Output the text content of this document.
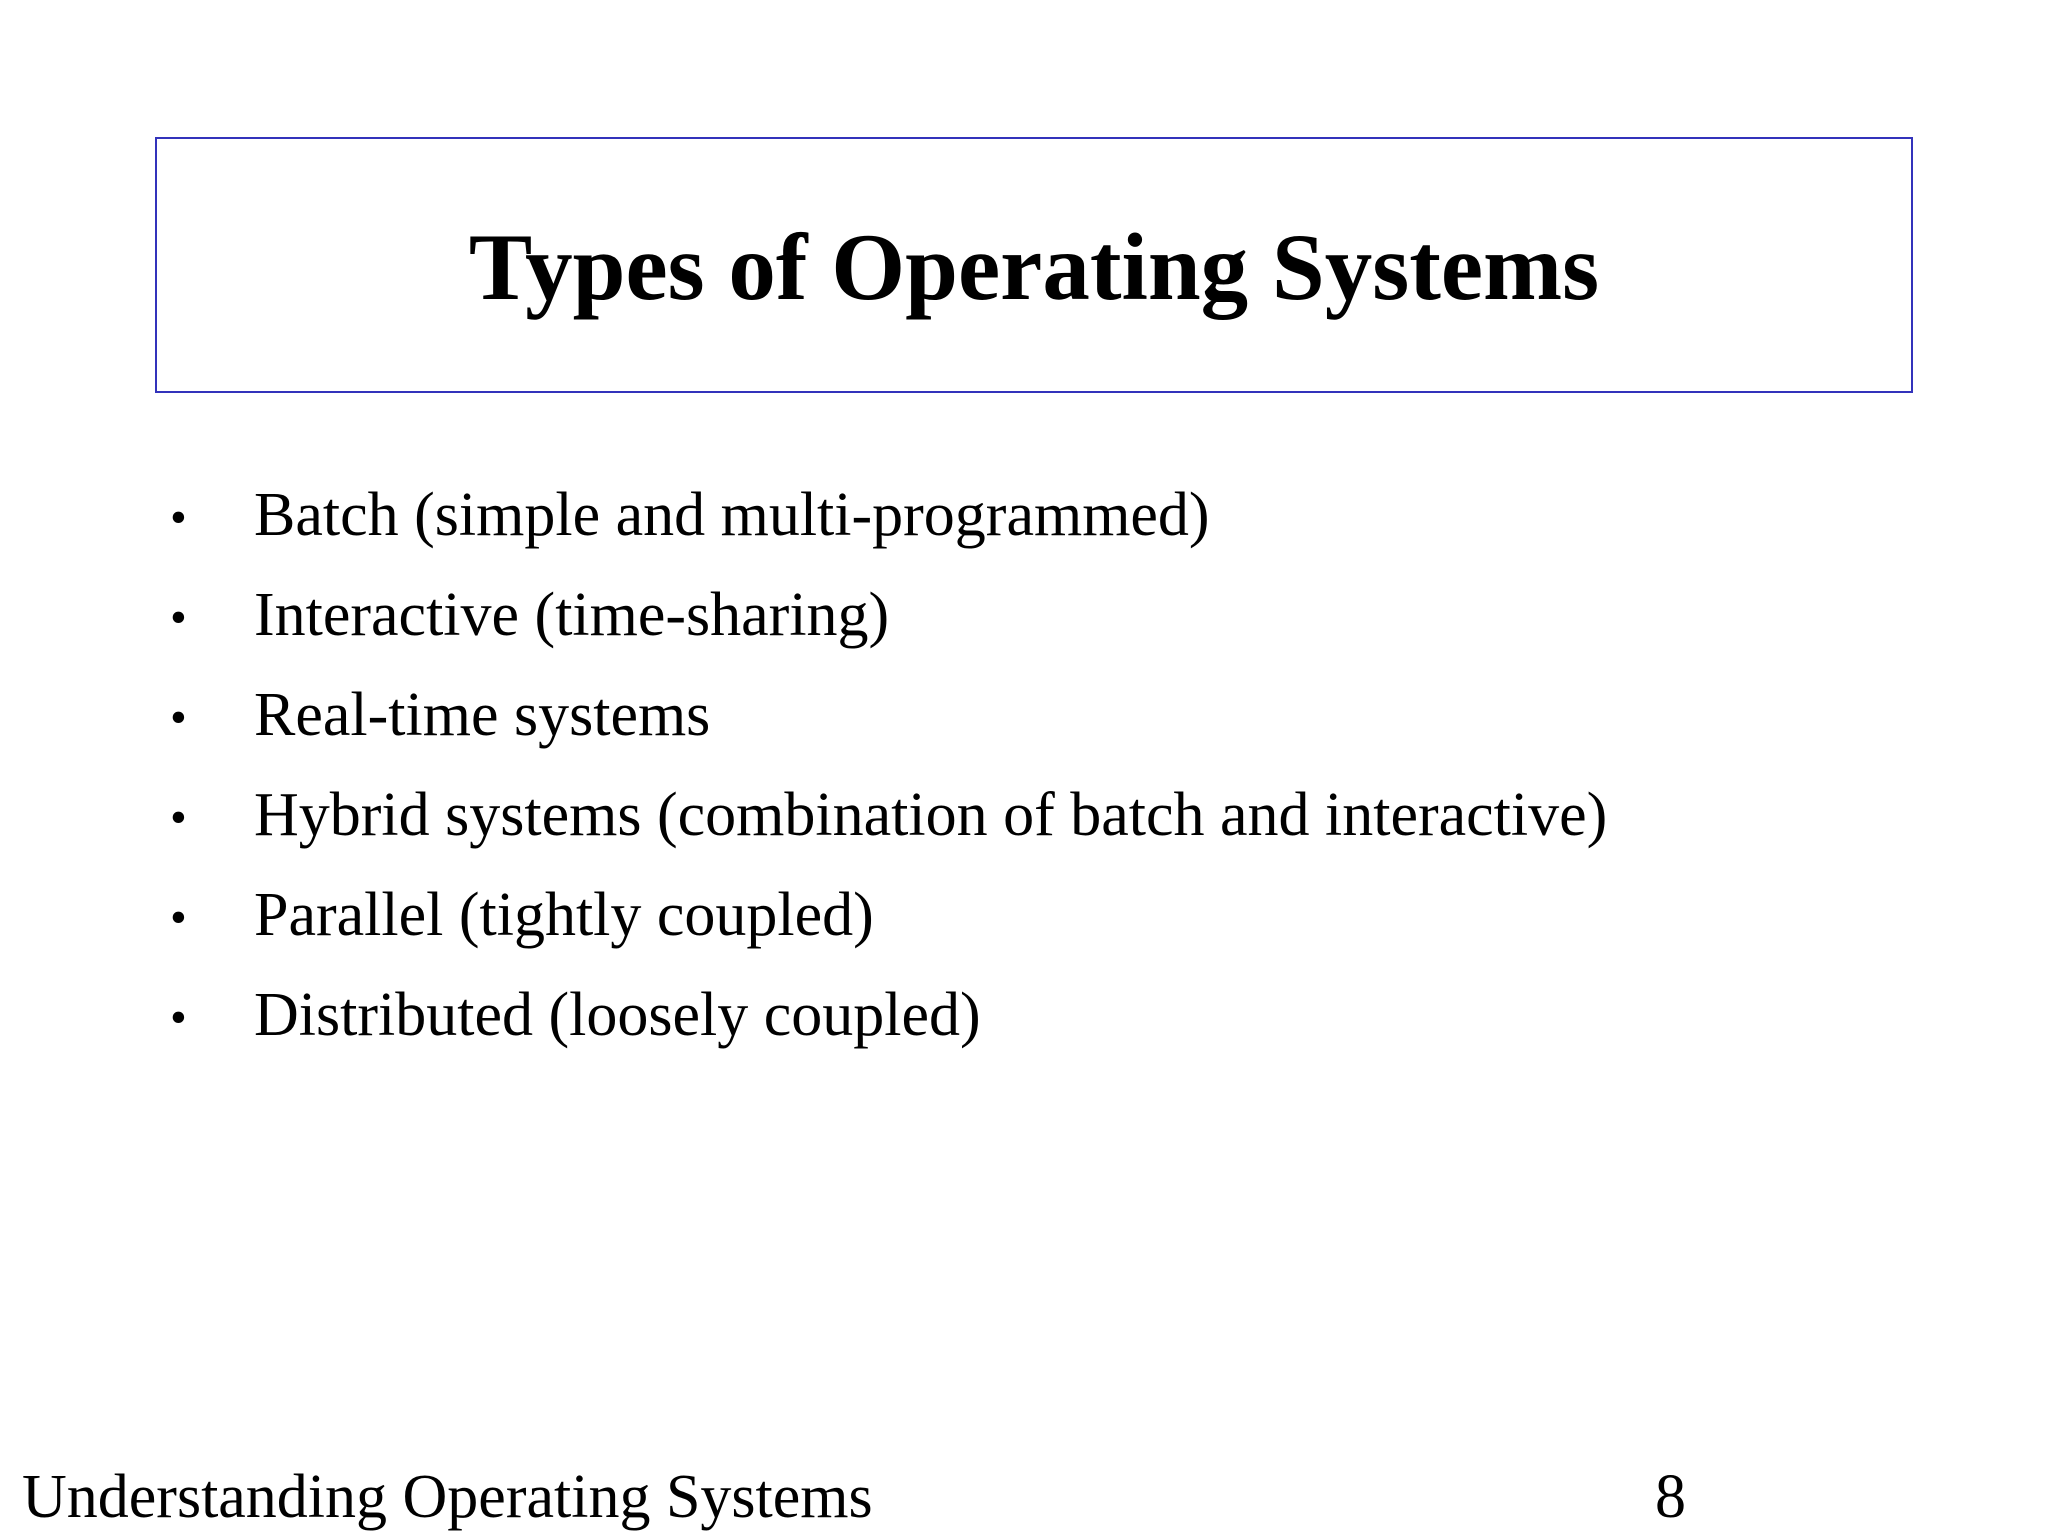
Types of Operating Systems
• Batch (simple and multi-programmed)
• Interactive (time-sharing)
• Real-time systems
• Hybrid systems (combination of batch and interactive)
• Parallel (tightly coupled)
• Distributed (loosely coupled)
Understanding Operating Systems	8
